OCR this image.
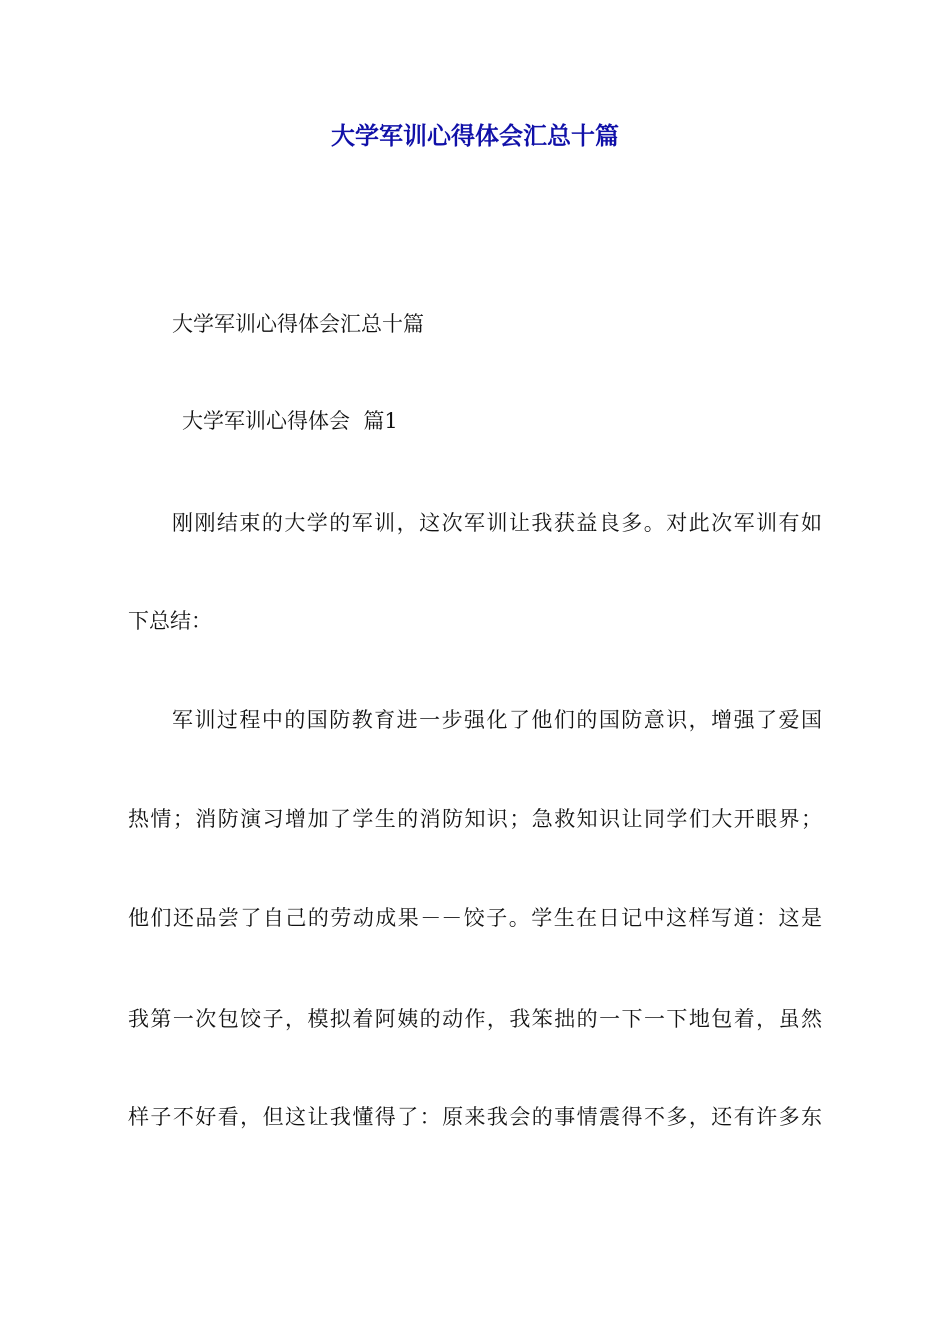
大学军训心得体会汇总十篇
大学军训心得体会汇总十篇
大学军训心得体会  篇1
刚刚结束的大学的军训，这次军训让我获益良多。对此次军训有如
下总结：
军训过程中的国防教育进一步强化了他们的国防意识，增强了爱国
热情；消防演习增加了学生的消防知识；急救知识让同学们大开眼界；
他们还品尝了自己的劳动成果－－饺子。学生在日记中这样写道：这是
我第一次包饺子，模拟着阿姨的动作，我笨拙的一下一下地包着，虽然
样子不好看，但这让我懂得了：原来我会的事情震得不多，还有许多东
